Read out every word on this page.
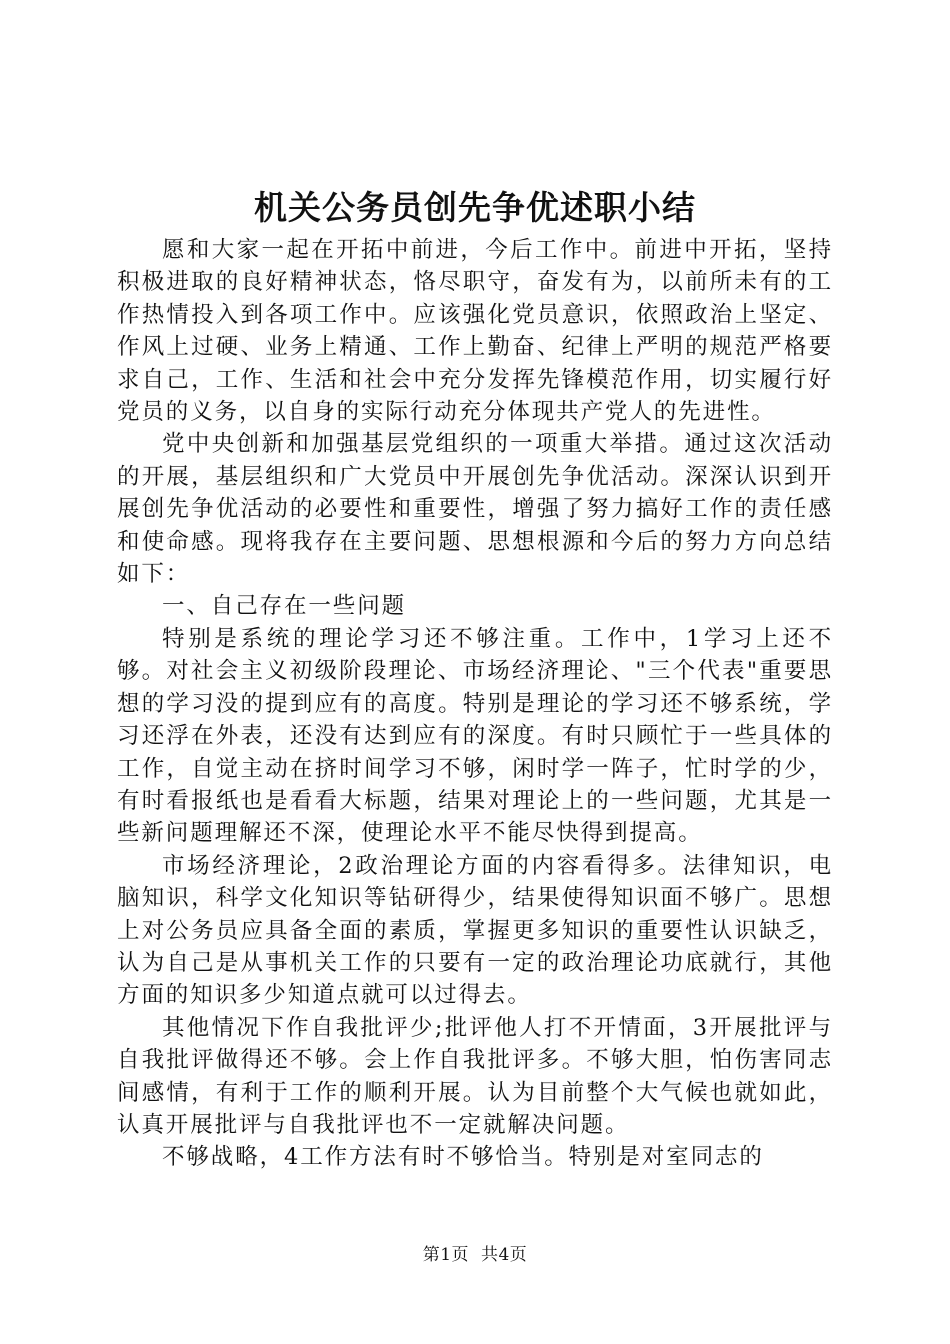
机关公务员创先争优述职小结

愿和大家一起在开拓中前进，今后工作中。前进中开拓，坚持积极进取的良好精神状态，恪尽职守，奋发有为，以前所未有的工作热情投入到各项工作中。应该强化党员意识，依照政治上坚定、作风上过硬、业务上精通、工作上勤奋、纪律上严明的规范严格要求自己，工作、生活和社会中充分发挥先锋模范作用，切实履行好党员的义务，以自身的实际行动充分体现共产党人的先进性。

党中央创新和加强基层党组织的一项重大举措。通过这次活动的开展，基层组织和广大党员中开展创先争优活动。深深认识到开展创先争优活动的必要性和重要性，增强了努力搞好工作的责任感和使命感。现将我存在主要问题、思想根源和今后的努力方向总结如下：

一、自己存在一些问题

特别是系统的理论学习还不够注重。工作中，1学习上还不够。对社会主义初级阶段理论、市场经济理论、"三个代表"重要思想的学习没的提到应有的高度。特别是理论的学习还不够系统，学习还浮在外表，还没有达到应有的深度。有时只顾忙于一些具体的工作，自觉主动在挤时间学习不够，闲时学一阵子，忙时学的少，有时看报纸也是看看大标题，结果对理论上的一些问题，尤其是一些新问题理解还不深，使理论水平不能尽快得到提高。

市场经济理论，2政治理论方面的内容看得多。法律知识，电脑知识，科学文化知识等钻研得少，结果使得知识面不够广。思想上对公务员应具备全面的素质，掌握更多知识的重要性认识缺乏，认为自己是从事机关工作的只要有一定的政治理论功底就行，其他方面的知识多少知道点就可以过得去。

其他情况下作自我批评少;批评他人打不开情面，3开展批评与自我批评做得还不够。会上作自我批评多。不够大胆，怕伤害同志间感情，有利于工作的顺利开展。认为目前整个大气候也就如此，认真开展批评与自我批评也不一定就解决问题。

不够战略，4工作方法有时不够恰当。特别是对室同志的

第1页 共4页
